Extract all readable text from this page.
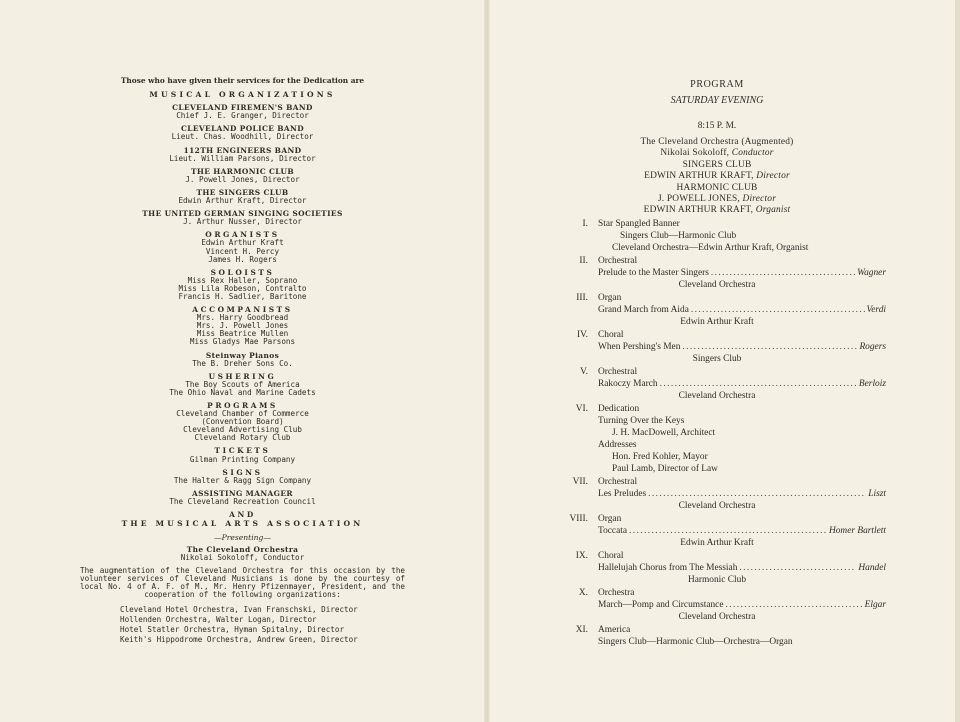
Those who have given their services for the Dedication are
MUSICAL ORGANIZATIONS
CLEVELAND FIREMEN'S BAND
Chief J. E. Granger, Director
CLEVELAND POLICE BAND
Lieut. Chas. Woodhill, Director
112TH ENGINEERS BAND
Lieut. William Parsons, Director
THE HARMONIC CLUB
J. Powell Jones, Director
THE SINGERS CLUB
Edwin Arthur Kraft, Director
THE UNITED GERMAN SINGING SOCIETIES
J. Arthur Nusser, Director
ORGANISTS
Edwin Arthur Kraft
Vincent H. Percy
James H. Rogers
SOLOISTS
Miss Rex Haller, Soprano
Miss Lila Robeson, Contralto
Francis H. Sadlier, Baritone
ACCOMPANISTS
Mrs. Harry Goodbread
Mrs. J. Powell Jones
Miss Beatrice Mullen
Miss Gladys Mae Parsons
Steinway Pianos
The B. Dreher Sons Co.
USHERING
The Boy Scouts of America
The Ohio Naval and Marine Cadets
PROGRAMS
Cleveland Chamber of Commerce
(Convention Board)
Cleveland Advertising Club
Cleveland Rotary Club
TICKETS
Gilman Printing Company
SIGNS
The Halter & Ragg Sign Company
ASSISTING MANAGER
The Cleveland Recreation Council
AND
THE MUSICAL ARTS ASSOCIATION
—Presenting—
The Cleveland Orchestra
Nikolai Sokoloff, Conductor
The augmentation of the Cleveland Orchestra for this occasion by the volunteer services of Cleveland Musicians is done by the courtesy of local No. 4 of A. F. of M., Mr. Henry Pfizenmayer, President, and the cooperation of the following organizations:
Cleveland Hotel Orchestra, Ivan Franschski, Director
Hollenden Orchestra, Walter Logan, Director
Hotel Statler Orchestra, Hyman Spitalny, Director
Keith's Hippodrome Orchestra, Andrew Green, Director
PROGRAM
SATURDAY EVENING
8:15 P. M.
The Cleveland Orchestra (Augmented)
Nikolai Sokoloff, Conductor
SINGERS CLUB
EDWIN ARTHUR KRAFT, Director
HARMONIC CLUB
J. POWELL JONES, Director
EDWIN ARTHUR KRAFT, Organist
I. Star Spangled Banner
Singers Club—Harmonic Club
Cleveland Orchestra—Edwin Arthur Kraft, Organist
II. Orchestral
Prelude to the Master Singers .....	Wagner
Cleveland Orchestra
III. Organ
Grand March from Aida .....	Verdi
Edwin Arthur Kraft
IV. Choral
When Pershing's Men .....	Rogers
Singers Club
V. Orchestral
Rakoczy March .....	Berloiz
Cleveland Orchestra
VI. Dedication
Turning Over the Keys
J. H. MacDowell, Architect
Addresses
Hon. Fred Kohler, Mayor
Paul Lamb, Director of Law
VII. Orchestral
Les Preludes .....	Liszt
Cleveland Orchestra
VIII. Organ
Toccata .....	Homer Bartlett
Edwin Arthur Kraft
IX. Choral
Hallelujah Chorus from The Messiah .....	Handel
Harmonic Club
X. Orchestra
March—Pomp and Circumstance .....	Elgar
Cleveland Orchestra
XI. America
Singers Club—Harmonic Club—Orchestra—Organ
